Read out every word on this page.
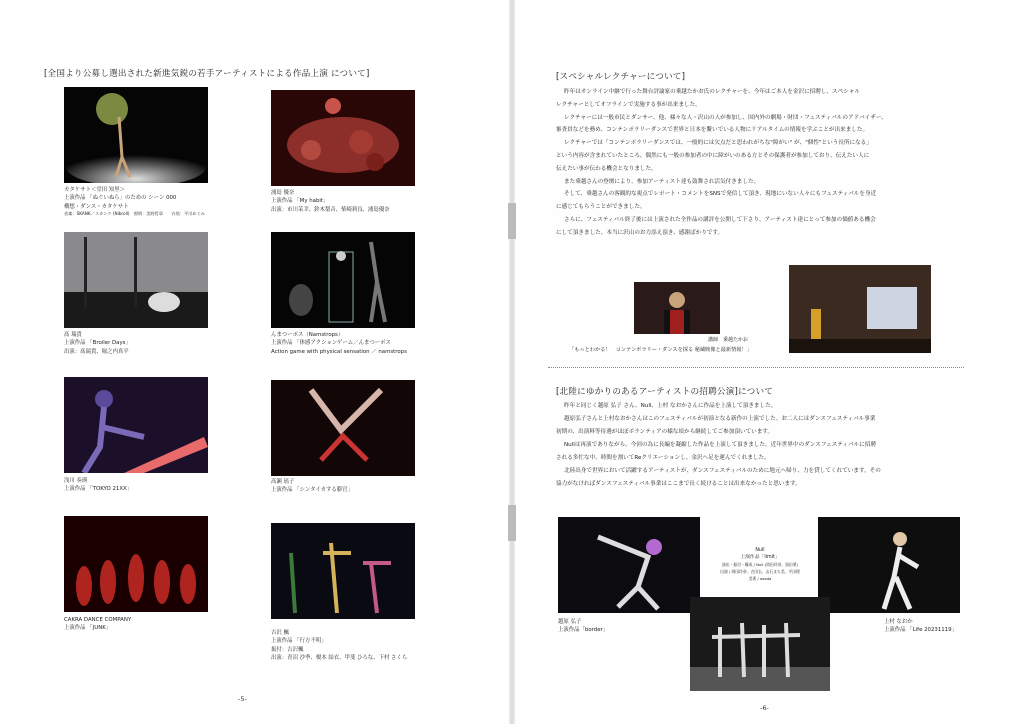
[全国より公募し選出された新進気鋭の若手アーティストによる作品上演 について]
カタケサト＜堂田 知里＞
上演作品 「ぬぐいぬら」のための シーン 000
構想・ダンス・カタケサト
音楽：SKANK／スカンク (Nibroll)　照明：美野哲章　　衣装：平川めぐみ
浦島 優奈
上演作品 「My habit」
出演：市川茉幸、鈴木梨音、柴崎莉良、浦島優奈
髙 瑞貴
上演作品 「Broiler Days」
出演：髙瑞貴、堀之内真平
んまつーポス（Namstrops）
上演作品 「体感アクションゲーム／んまつーポス
Action game with physical sensation ／ namstrops
浅川 奏瑛
上演作品 「TOKYO 21XX」
高瀬 瑶子
上演作品 「シンタイカする膨官」
CAKRA DANCE COMPANY
上演作品 「JUNK」
吉沢 楓
上演作品 「行方不明」
振付：吉沢楓
出演：青沼 沙季、榎本 結衣、甲斐 ひろな、下村 さくら
-5-
[スペシャルレクチャーについて]
昨年はオンライン中継で行った舞台評論家の乗越たかお氏のレクチャーを、今年はご本人を金沢に招聘し、スペシャル
レクチャーとしてオフラインで実施する事が出来ました。
レクチャーには一般市民とダンサー、他、様々な人・沢山の人が参加し、国内外の劇場・財団・フェスティバルのアドバイザー、
審査員などを務め、コンテンポラリーダンスで世界と日本を繋いでいる人物にリアルタイムの情報を学ぶことが出来ました。
レクチャーでは「コンテンポラリーダンスでは、一般的には欠点だと思われがちな"障がい" が、"個性"という長所になる」
という内容が含まれていたところ、偶然にも一般の参加者の中に障がいのある方とその保護者が参加しており、伝えたい人に
伝えたい事が伝わる機会となりました。
また乗越さんの登壇により、参加アーティスト達も鼓舞され活気付きました。
そして、乗越さんの客観的な視点でレポート・コメントをSNSで発信して頂き、現地にいない人々にもフェスティバルを身近
に感じてもらうことができました。
さらに、フェスティバル終了後には上演された全作品の講評を公開して下さり、アーティスト達にとって参加の価値ある機会
にして頂きました。本当に沢山のお力添え頂き、感謝ばかりです。
講師　乗越たかお
「もっとわかる！　コンテンポラリー・ダンスを探る 秘蔵映像と最新情報！」
[北陸にゆかりのあるアーティストの招聘公演]について
昨年と同じく越原 弘子 さん、Null、上村 なおかさんに作品を上演して頂きました。
越原弘子さんと上村なおかさんはこのフェスティバルが初演となる新作の上演でした。お二人にはダンスフェスティバル事業
初期の、出演料等待遇がほぼボランティアの様な頃から継続してご参加頂いています。
Nullは再演でありながら、今回の為に長編を凝縮した作品を上演して頂きました。近年世界中のダンスフェスティバルに招聘
される多忙な中、時間を割いてReクリエーションし、金沢へ足を運んでくれました。
北陸出身で世界において活躍するアーティストが、ダンスフェスティバルのために地元へ帰り、力を貸してくれています。その
協力がなければダンスフェスティバル事業はここまで長く続けることは出来なかったと思います。
越原 弘子
上演作品「border」
Null
上演作品「limit」
演出・振付・構成 / Null (岡田玲奈、黒田勇)
出演 / 岡田玲奈、吉田圭、山石まち美、平田理
美術 / osada
上村 なおか
上演作品 「Life 20231119」
-6-
